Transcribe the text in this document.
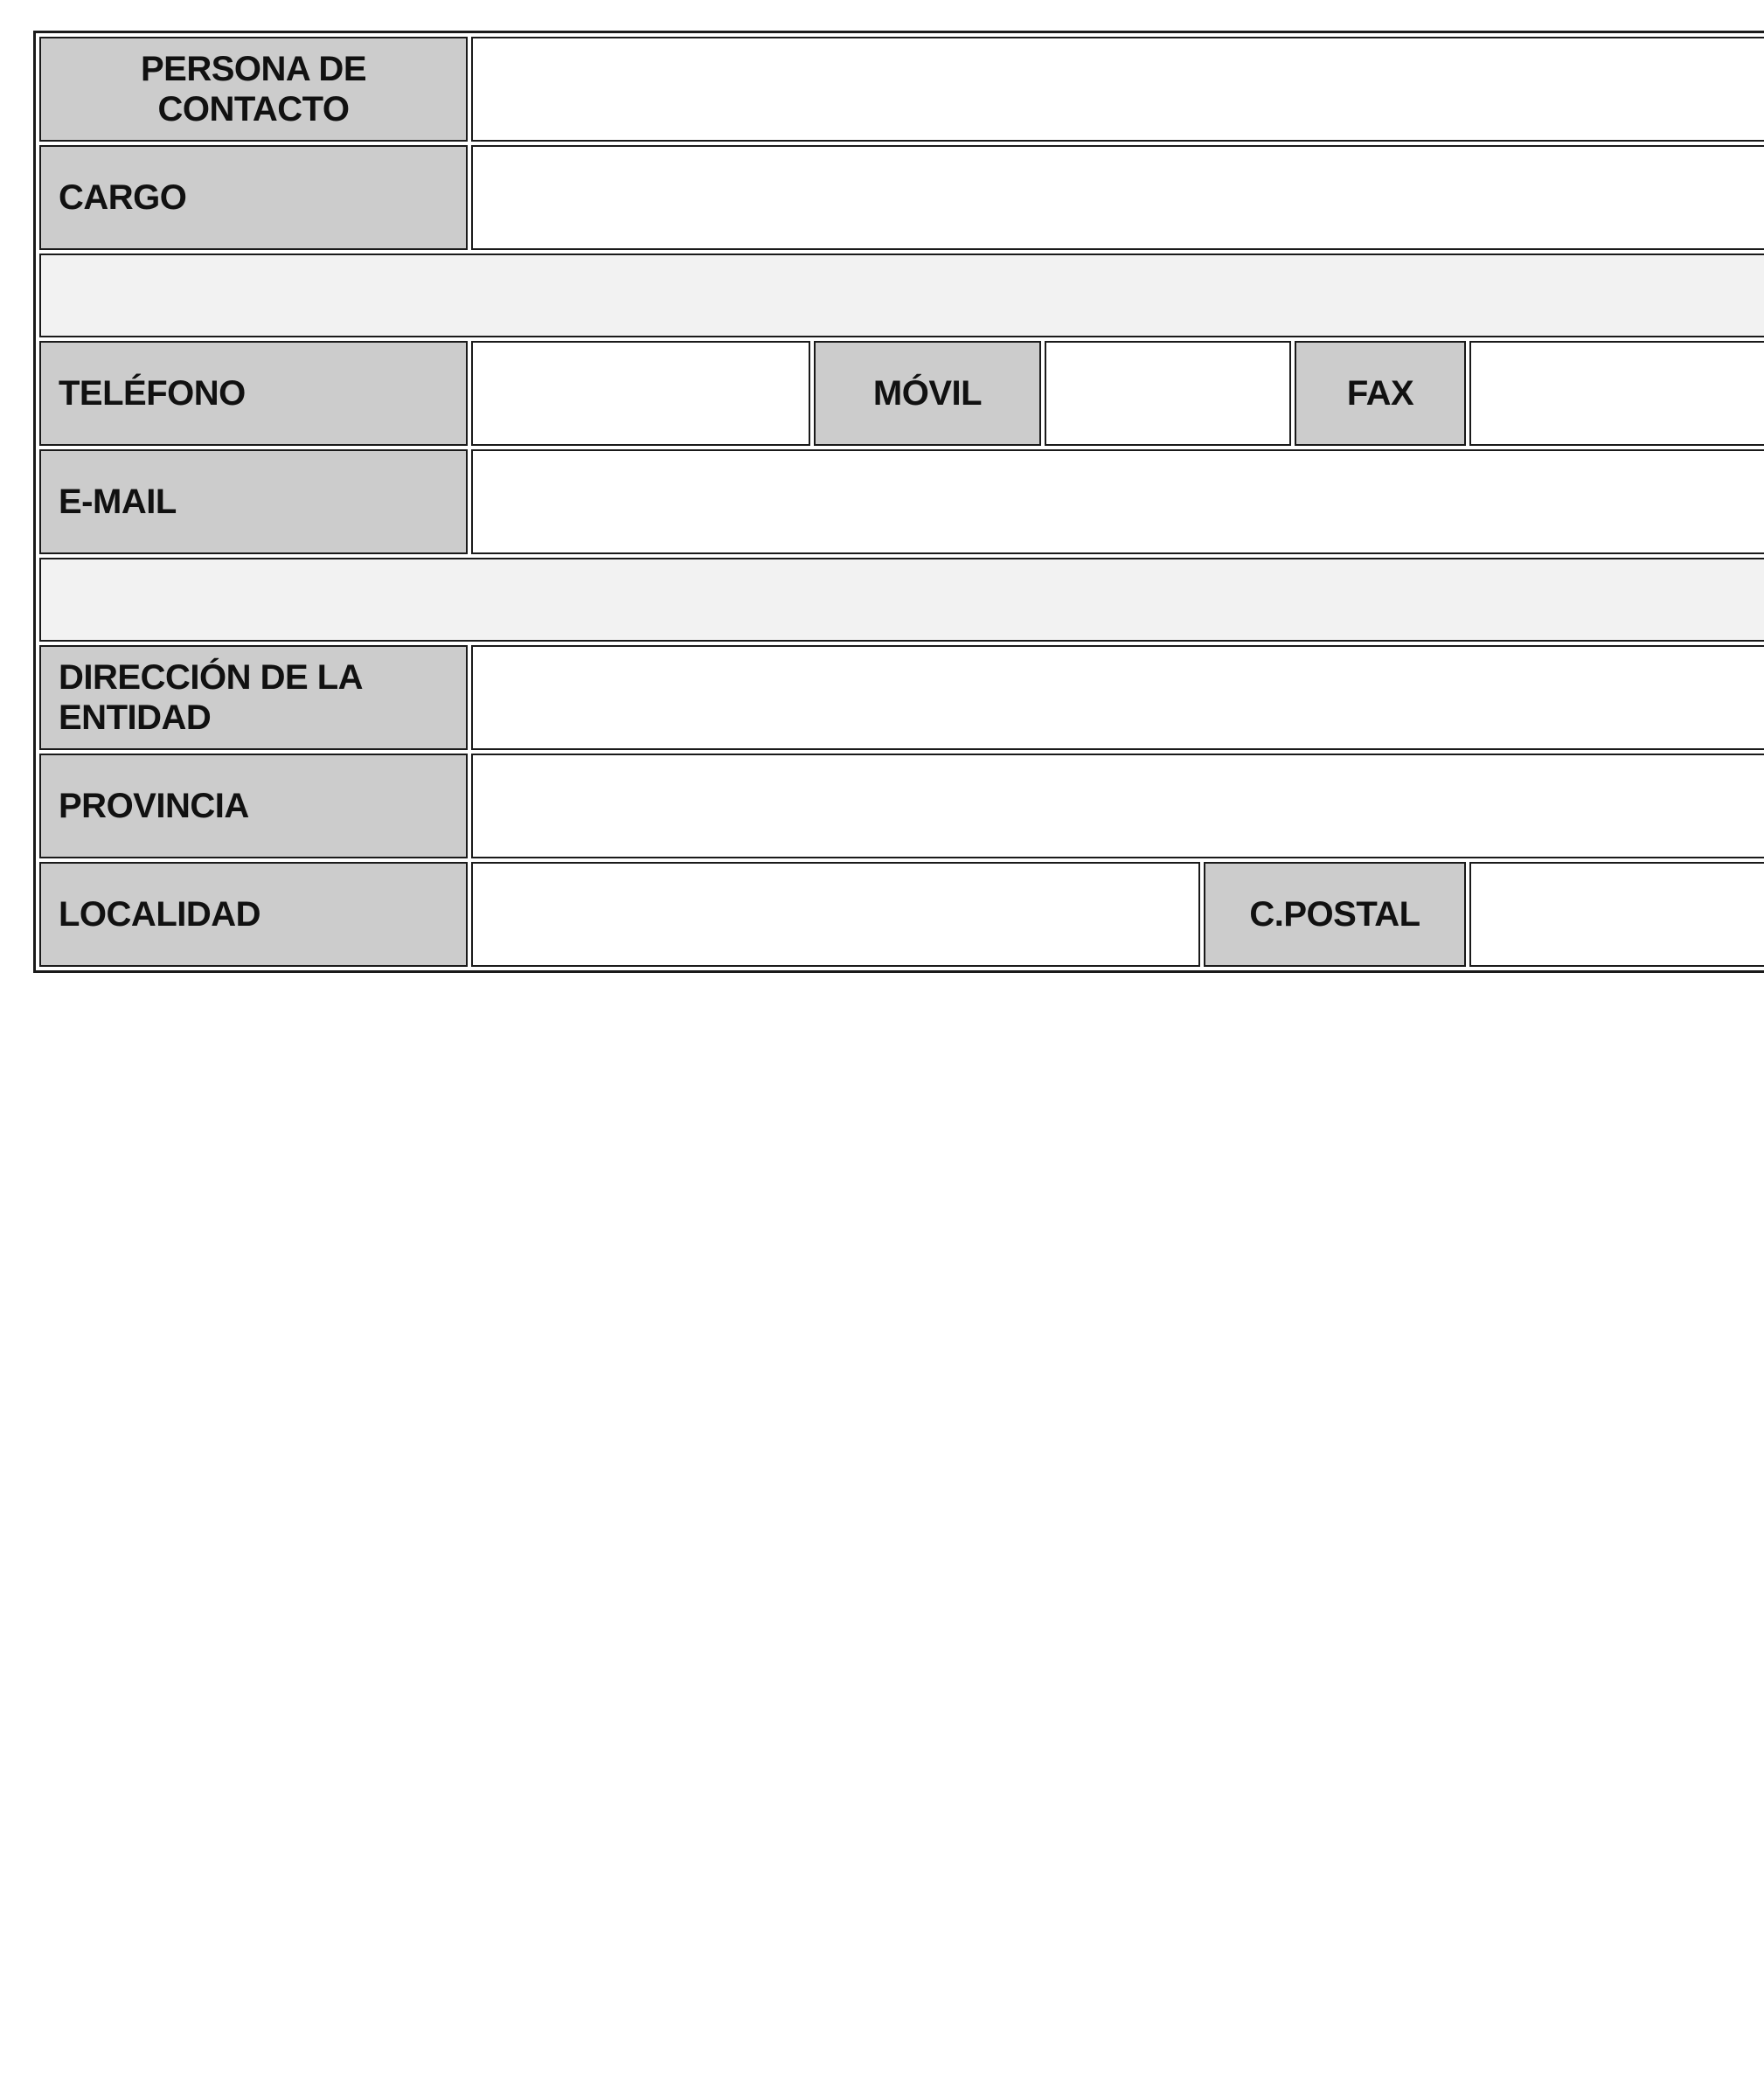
PERSONA DE CONTACTO						

CARGO						

TELÉFONO		MÓVIL			FAX	

E-MAIL						

DIRECCIÓN DE LA ENTIDAD						

PROVINCIA						

LOCALIDAD				C.POSTAL		
